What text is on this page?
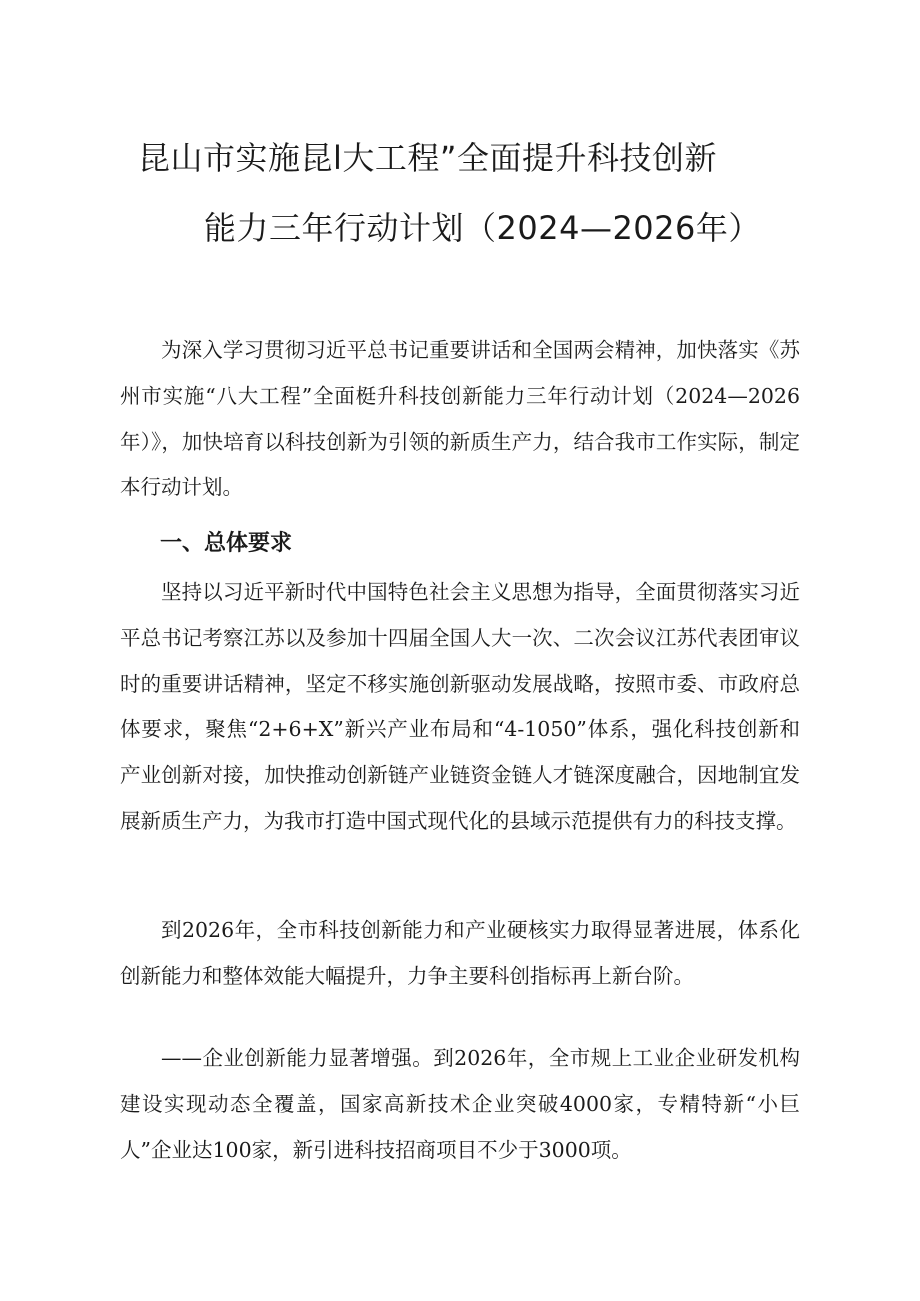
昆山市实施昆l大工程”全面提升科技创新
能力三年行动计划（2024—2026年）

为深入学习贯彻习近平总书记重要讲话和全国两会精神，加快落实《苏州市实施“八大工程”全面梃升科技创新能力三年行动计划（2024—2026年）》，加快培育以科技创新为引领的新质生产力，结合我市工作实际，制定本行动计划。

一、总体要求

坚持以习近平新时代中国特色社会主义思想为指导，全面贯彻落实习近平总书记考察江苏以及参加十四届全国人大一次、二次会议江苏代表团审议时的重要讲话精神，坚定不移实施创新驱动发展战略，按照市委、市政府总体要求，聚焦“2+6+X”新兴产业布局和“4-1050”体系，强化科技创新和产业创新对接，加快推动创新链产业链资金链人才链深度融合，因地制宜发展新质生产力，为我市打造中国式现代化的县域示范提供有力的科技支撑。

到2026年，全市科技创新能力和产业硬核实力取得显著进展，体系化创新能力和整体效能大幅提升，力争主要科创指标再上新台阶。

——企业创新能力显著增强。到2026年，全市规上工业企业研发机构建设实现动态全覆盖，国家高新技术企业突破4000家，专精特新“小巨人”企业达100家，新引进科技招商项目不少于3000项。
